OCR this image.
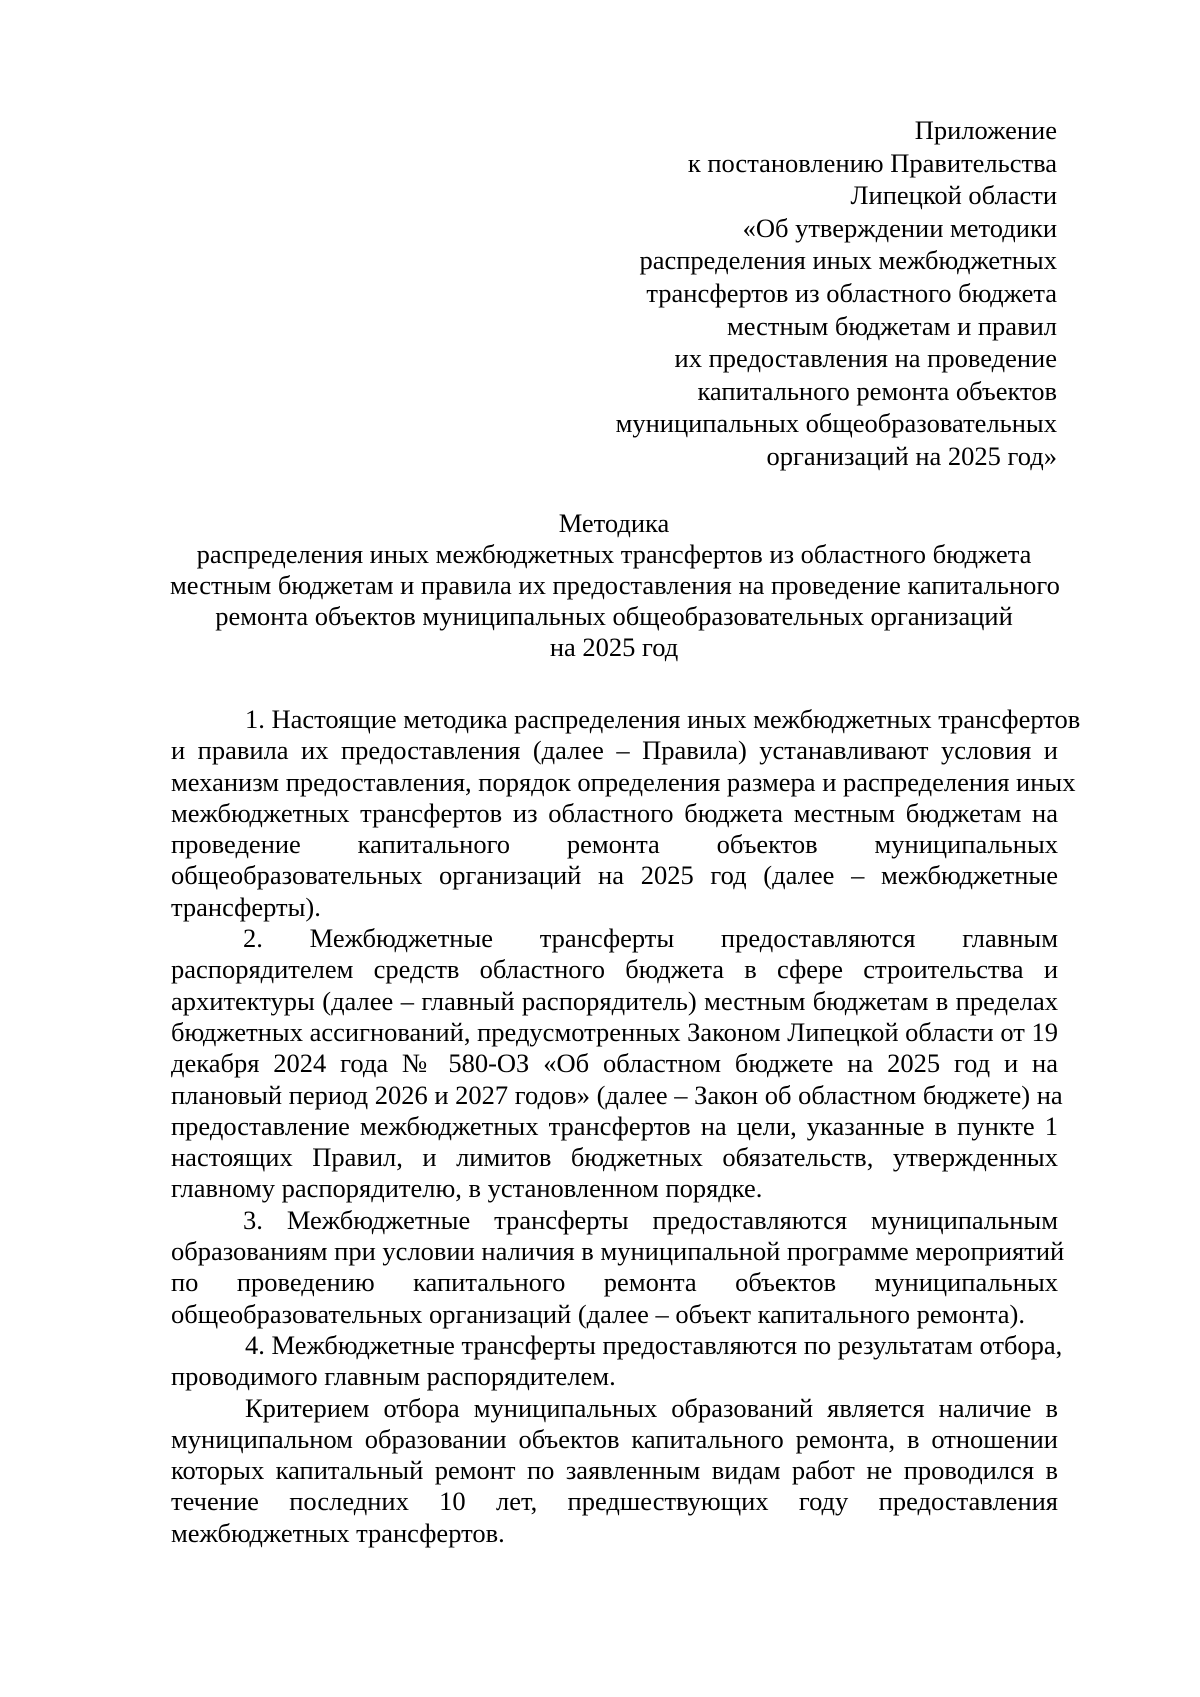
Приложение
к постановлению Правительства
Липецкой области
«Об утверждении методики
распределения иных межбюджетных
трансфертов из областного бюджета
местным бюджетам и правил
их предоставления на проведение
капитального ремонта объектов
муниципальных общеобразовательных
организаций на 2025 год»
Методика
распределения иных межбюджетных трансфертов из областного бюджета
местным бюджетам и правила их предоставления на проведение капитального
ремонта объектов муниципальных общеобразовательных организаций
на 2025 год
1. Настоящие методика распределения иных межбюджетных трансфертов
и правила их предоставления (далее – Правила) устанавливают условия и
механизм предоставления, порядок определения размера и распределения иных
межбюджетных трансфертов из областного бюджета местным бюджетам на
проведение капитального ремонта объектов муниципальных
общеобразовательных организаций на 2025 год (далее – межбюджетные
трансферты).
2. Межбюджетные трансферты предоставляются главным
распорядителем средств областного бюджета в сфере строительства и
архитектуры (далее – главный распорядитель) местным бюджетам в пределах
бюджетных ассигнований, предусмотренных Законом Липецкой области от 19
декабря 2024 года № 580-ОЗ «Об областном бюджете на 2025 год и на
плановый период 2026 и 2027 годов» (далее – Закон об областном бюджете) на
предоставление межбюджетных трансфертов на цели, указанные в пункте 1
настоящих Правил, и лимитов бюджетных обязательств, утвержденных
главному распорядителю, в установленном порядке.
3. Межбюджетные трансферты предоставляются муниципальным
образованиям при условии наличия в муниципальной программе мероприятий
по проведению капитального ремонта объектов муниципальных
общеобразовательных организаций (далее – объект капитального ремонта).
4. Межбюджетные трансферты предоставляются по результатам отбора,
проводимого главным распорядителем.
Критерием отбора муниципальных образований является наличие в
муниципальном образовании объектов капитального ремонта, в отношении
которых капитальный ремонт по заявленным видам работ не проводился в
течение последних 10 лет, предшествующих году предоставления
межбюджетных трансфертов.
